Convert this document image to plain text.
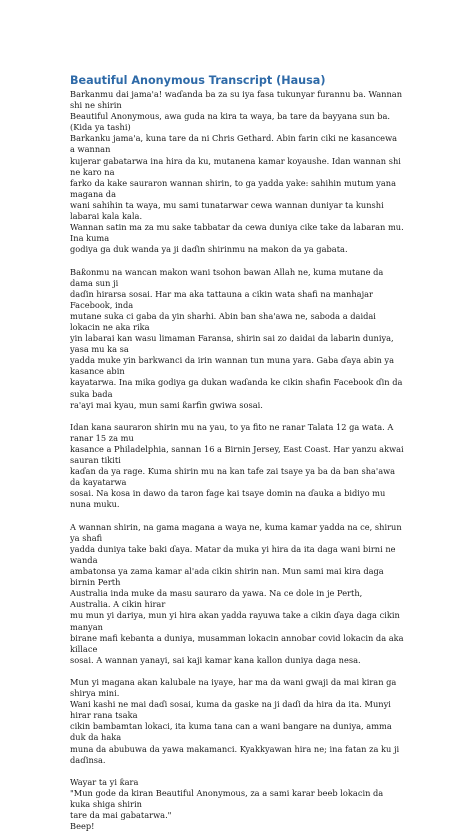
Beautiful Anonymous Transcript (Hausa)

Barkanmu dai jama'a! waɗanda ba za su iya fasa tukunyar furannu ba. Wannan shi ne shirin
Beautiful Anonymous, awa guda na kira ta waya, ba tare da bayyana sun ba.
(Kida ya tashi)
Barkanku jama'a, kuna tare da ni Chris Gethard. Abin farin ciki ne kasancewa a wannan
kujerar gabatarwa ina hira da ku, mutanena kamar koyaushe. Idan wannan shi ne karo na
farko da kake sauraron wannan shirin, to ga yadda yake: sahihin mutum yana magana da
wani sahihin ta waya, mu sami tunatarwar cewa wannan duniyar ta kunshi labarai kala kala.
Wannan satin ma za mu sake tabbatar da cewa duniya cike take da labaran mu. Ina kuma
godiya ga duk wanda ya ji daɗin shirinmu na makon da ya gabata.

Baƙonmu na wancan makon wani tsohon bawan Allah ne, kuma mutane da dama sun ji
daɗin hirarsa sosai. Har ma aka tattauna a cikin wata shafi na manhajar Facebook, inda
mutane suka ci gaba da yin sharhi. Abin ban sha'awa ne, saboda a daidai lokacin ne aka rika
yin labarai kan wasu limaman Faransa, shirin sai zo daidai da labarin duniya, yasa mu ka sa
yadda muke yin barkwanci da irin wannan tun muna yara. Gaba ɗaya abin ya kasance abin
kayatarwa. Ina mika godiya ga dukan waɗanda ke cikin shafin Facebook ɗin da suka bada
ra'ayi mai kyau, mun sami ƙarfin gwiwa sosai.

Idan kana sauraron shirin mu na yau, to ya fito ne ranar Talata 12 ga wata. A ranar 15 za mu
kasance a Philadelphia, sannan 16 a Birnin Jersey, East Coast. Har yanzu akwai sauran tikiti
kaɗan da ya rage. Kuma shirin mu na kan tafe zai tsaye ya ba da ban sha'awa da kayatarwa
sosai. Na kosa in dawo da taron fage kai tsaye domin na ɗauka a bidiyo mu nuna muku.

A wannan shirin, na gama magana a waya ne, kuma kamar yadda na ce, shirun ya shafi
yadda duniya take baki ɗaya. Matar da muka yi hira da ita daga wani birni ne wanda
ambatonsa ya zama kamar al'ada cikin shirin nan. Mun sami mai kira daga birnin Perth
Australia inda muke da masu sauraro da yawa. Na ce dole in je Perth, Australia. A cikin hirar
mu mun yi dariya, mun yi hira akan yadda rayuwa take a cikin ɗaya daga cikin manyan
birane mafi kebanta a duniya, musamman lokacin annobar covid lokacin da aka killace
sosai. A wannan yanayi, sai kaji kamar kana kallon duniya daga nesa.

Mun yi magana akan kalubale na iyaye, har ma da wani gwaji da mai kiran ga shirya mini.
Wani kashi ne mai daɗi sosai, kuma da gaske na ji daɗi da hira da ita. Munyi hirar rana tsaka
cikin bambamtan lokaci, ita kuma tana can a wani bangare na duniya, amma duk da haka
muna da abubuwa da yawa makamanci. Kyakkyawan hira ne; ina fatan za ku ji daɗinsa.

Wayar ta yi ƙara
"Mun gode da kiran Beautiful Anonymous, za a sami karar beeb lokacin da kuka shiga shirin
tare da mai gabatarwa."
Beep!
